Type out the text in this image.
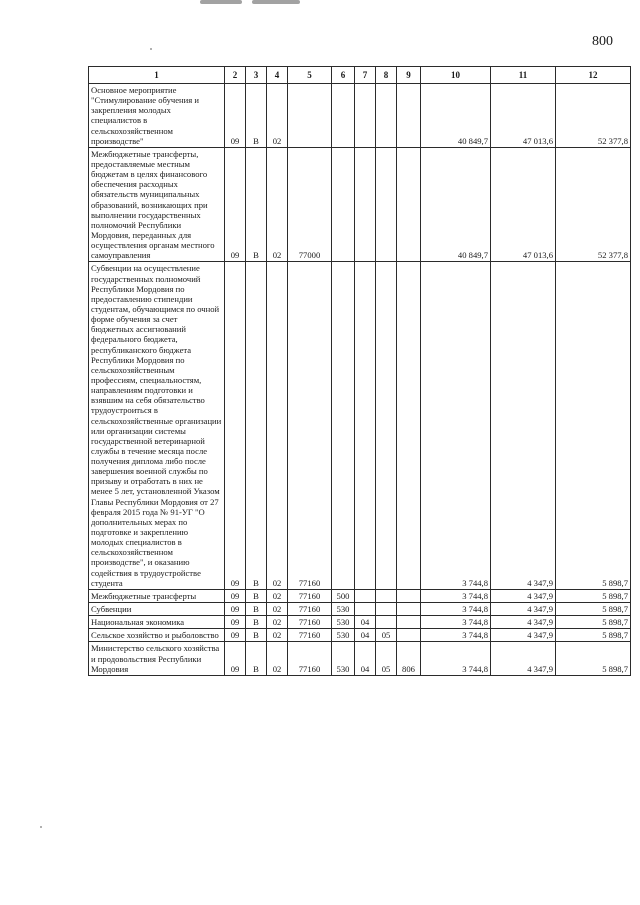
800
1	2	3	4	5	6	7	8	9	10	11	12
Основное мероприятие "Стимулирование обучения и закрепления молодых специалистов в сельскохозяйственном производстве"	09	В	02						40 849,7	47 013,6	52 377,8
Межбюджетные трансферты, предоставляемые местным бюджетам в целях финансового обеспечения расходных обязательств муниципальных образований, возникающих при выполнении государственных полномочий Республики Мордовия, переданных для осуществления органам местного самоуправления	09	В	02	77000					40 849,7	47 013,6	52 377,8
Субвенции на осуществление государственных полномочий Республики Мордовия по предоставлению стипендии студентам, обучающимся по очной форме обучения за счет бюджетных ассигнований федерального бюджета, республиканского бюджета Республики Мордовия по сельскохозяйственным профессиям, специальностям, направлениям подготовки и взявшим на себя обязательство трудоустроиться в сельскохозяйственные организации или организации системы государственной ветеринарной службы в течение месяца после получения диплома либо после завершения военной службы по призыву и отработать в них не менее 5 лет, установленной Указом Главы Республики Мордовия от 27 февраля 2015 года № 91-УГ "О дополнительных мерах по подготовке и закреплению молодых специалистов в сельскохозяйственном производстве", и оказанию содействия в трудоустройстве студента	09	В	02	77160					3 744,8	4 347,9	5 898,7
Межбюджетные трансферты	09	В	02	77160	500				3 744,8	4 347,9	5 898,7
Субвенции	09	В	02	77160	530				3 744,8	4 347,9	5 898,7
Национальная экономика	09	В	02	77160	530	04			3 744,8	4 347,9	5 898,7
Сельское хозяйство и рыболовство	09	В	02	77160	530	04	05		3 744,8	4 347,9	5 898,7
Министерство сельского хозяйства и продовольствия Республики Мордовия	09	В	02	77160	530	04	05	806	3 744,8	4 347,9	5 898,7
